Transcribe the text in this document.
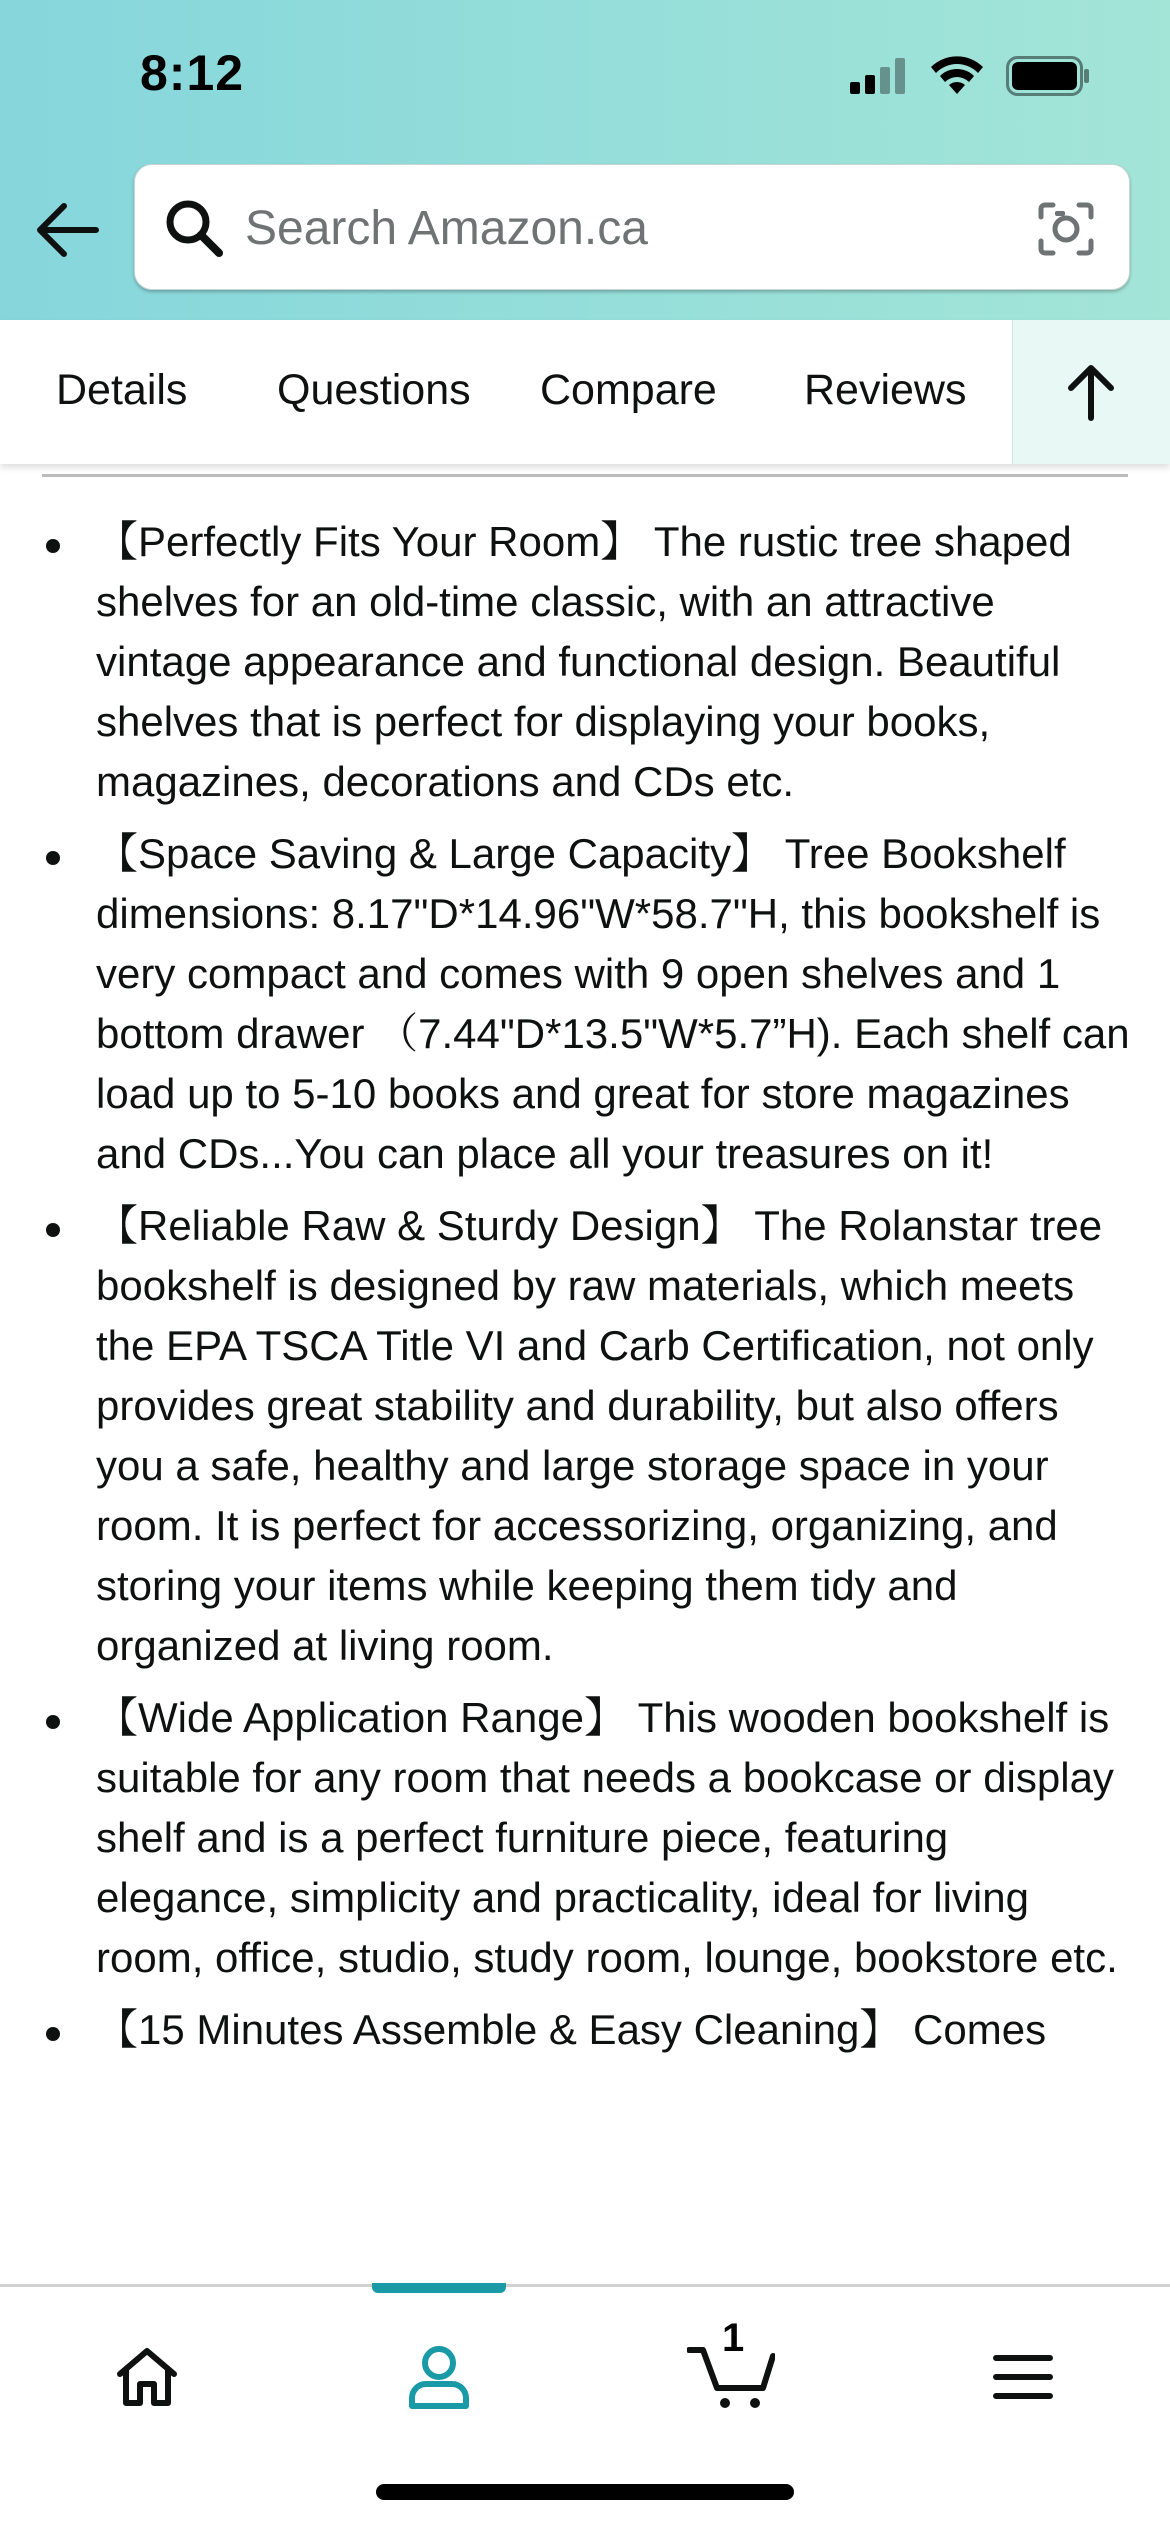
8:12
Search Amazon.ca
Details Questions Compare Reviews
【Perfectly Fits Your Room】 The rustic tree shaped shelves for an old-time classic, with an attractive vintage appearance and functional design. Beautiful shelves that is perfect for displaying your books, magazines, decorations and CDs etc.
【Space Saving & Large Capacity】 Tree Bookshelf dimensions: 8.17"D*14.96"W*58.7"H, this bookshelf is very compact and comes with 9 open shelves and 1 bottom drawer （7.44"D*13.5"W*5.7”H). Each shelf can load up to 5-10 books and great for store magazines and CDs...You can place all your treasures on it!
【Reliable Raw & Sturdy Design】 The Rolanstar tree bookshelf is designed by raw materials, which meets the EPA TSCA Title VI and Carb Certification, not only provides great stability and durability, but also offers you a safe, healthy and large storage space in your room. It is perfect for accessorizing, organizing, and storing your items while keeping them tidy and organized at living room.
【Wide Application Range】 This wooden bookshelf is suitable for any room that needs a bookcase or display shelf and is a perfect furniture piece, featuring elegance, simplicity and practicality, ideal for living room, office, studio, study room, lounge, bookstore etc.
【15 Minutes Assemble & Easy Cleaning】 Comes
1
